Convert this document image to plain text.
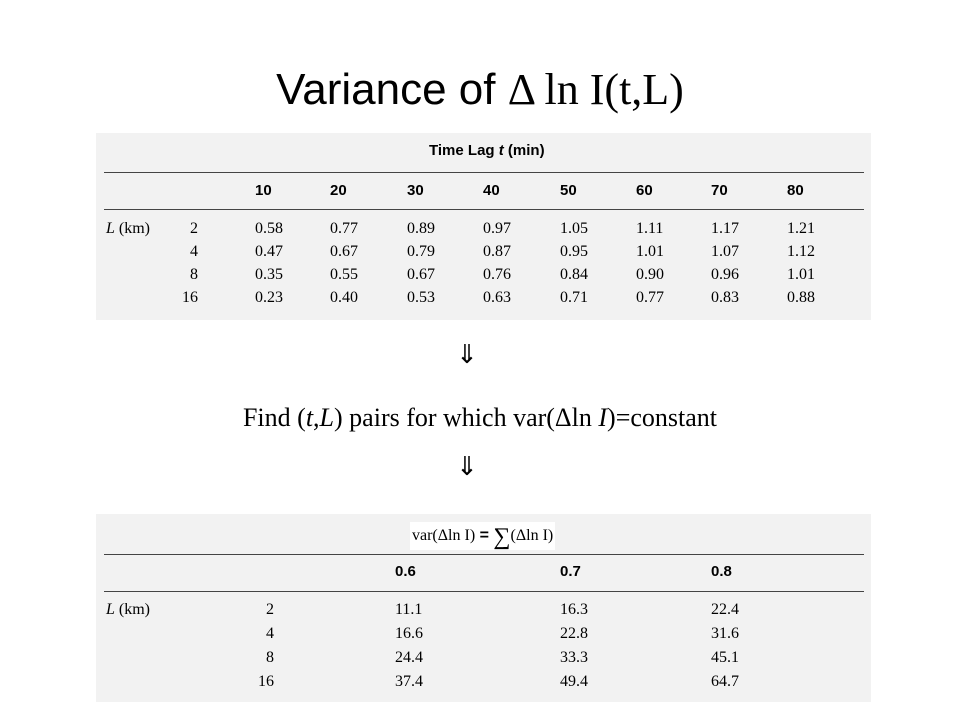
Variance of Δ ln I(t,L)
Time Lag t (min)
L (km)
10	20	30	40	50	60	70	80
2	0.58	0.77	0.89	0.97	1.05	1.11	1.17	1.21
4	0.47	0.67	0.79	0.87	0.95	1.01	1.07	1.12
8	0.35	0.55	0.67	0.76	0.84	0.90	0.96	1.01
16	0.23	0.40	0.53	0.63	0.71	0.77	0.83	0.88
⇓
Find (t,L) pairs for which var(Δln I)=constant
⇓
L (km)
0.6	0.7	0.8
2	11.1	16.3	22.4
4	16.6	22.8	31.6
8	24.4	33.3	45.1
16	37.4	49.4	64.7
var(Δln I) = ∑(Δln I)
